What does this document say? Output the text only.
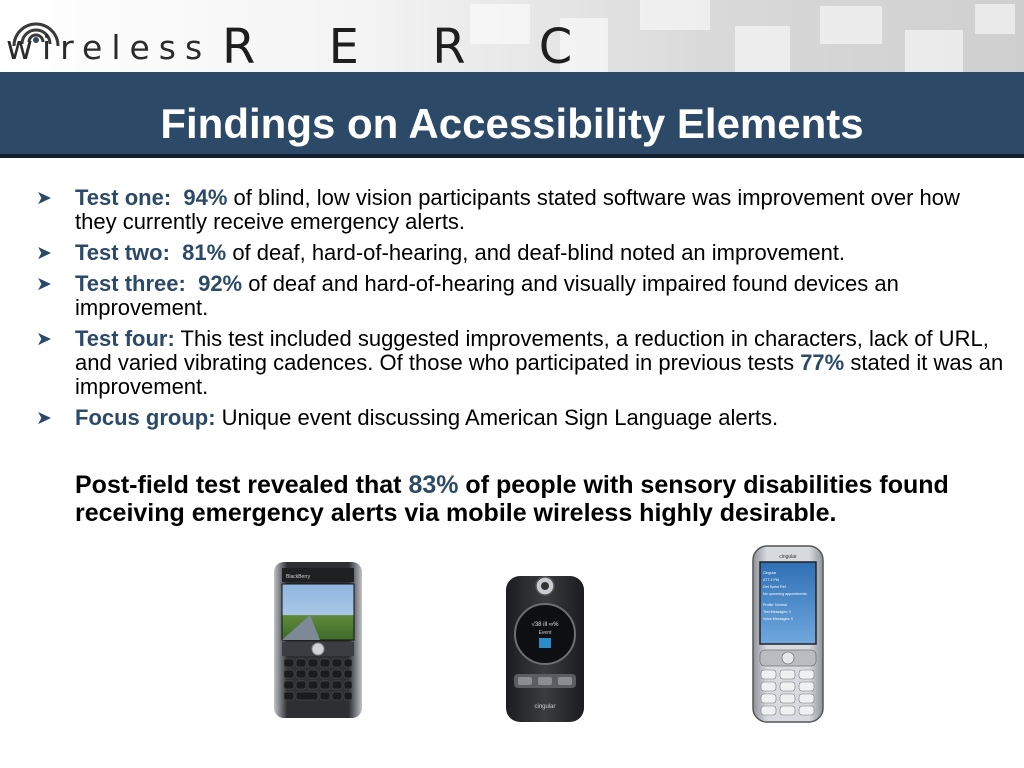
wireless R E R C
Findings on Accessibility Elements
➤ Test one: 94% of blind, low vision participants stated software was improvement over how they currently receive emergency alerts.
➤ Test two: 81% of deaf, hard-of-hearing, and deaf-blind noted an improvement.
➤ Test three: 92% of deaf and hard-of-hearing and visually impaired found devices an improvement.
➤ Test four: This test included suggested improvements, a reduction in characters, lack of URL, and varied vibrating cadences. Of those who participated in previous tests 77% stated it was an improvement.
➤ Focus group: Unique event discussing American Sign Language alerts.
Post-field test revealed that 83% of people with sensory disabilities found receiving emergency alerts via mobile wireless highly desirable.
BlackBerry
√38 ill ∞%
Event
cingular
cingular
Cingular
ATT 4 PM
Get Sprint Ref
No upcoming appointments
Profile: Normal
Text Messages: 0
Voice Messages: 0
